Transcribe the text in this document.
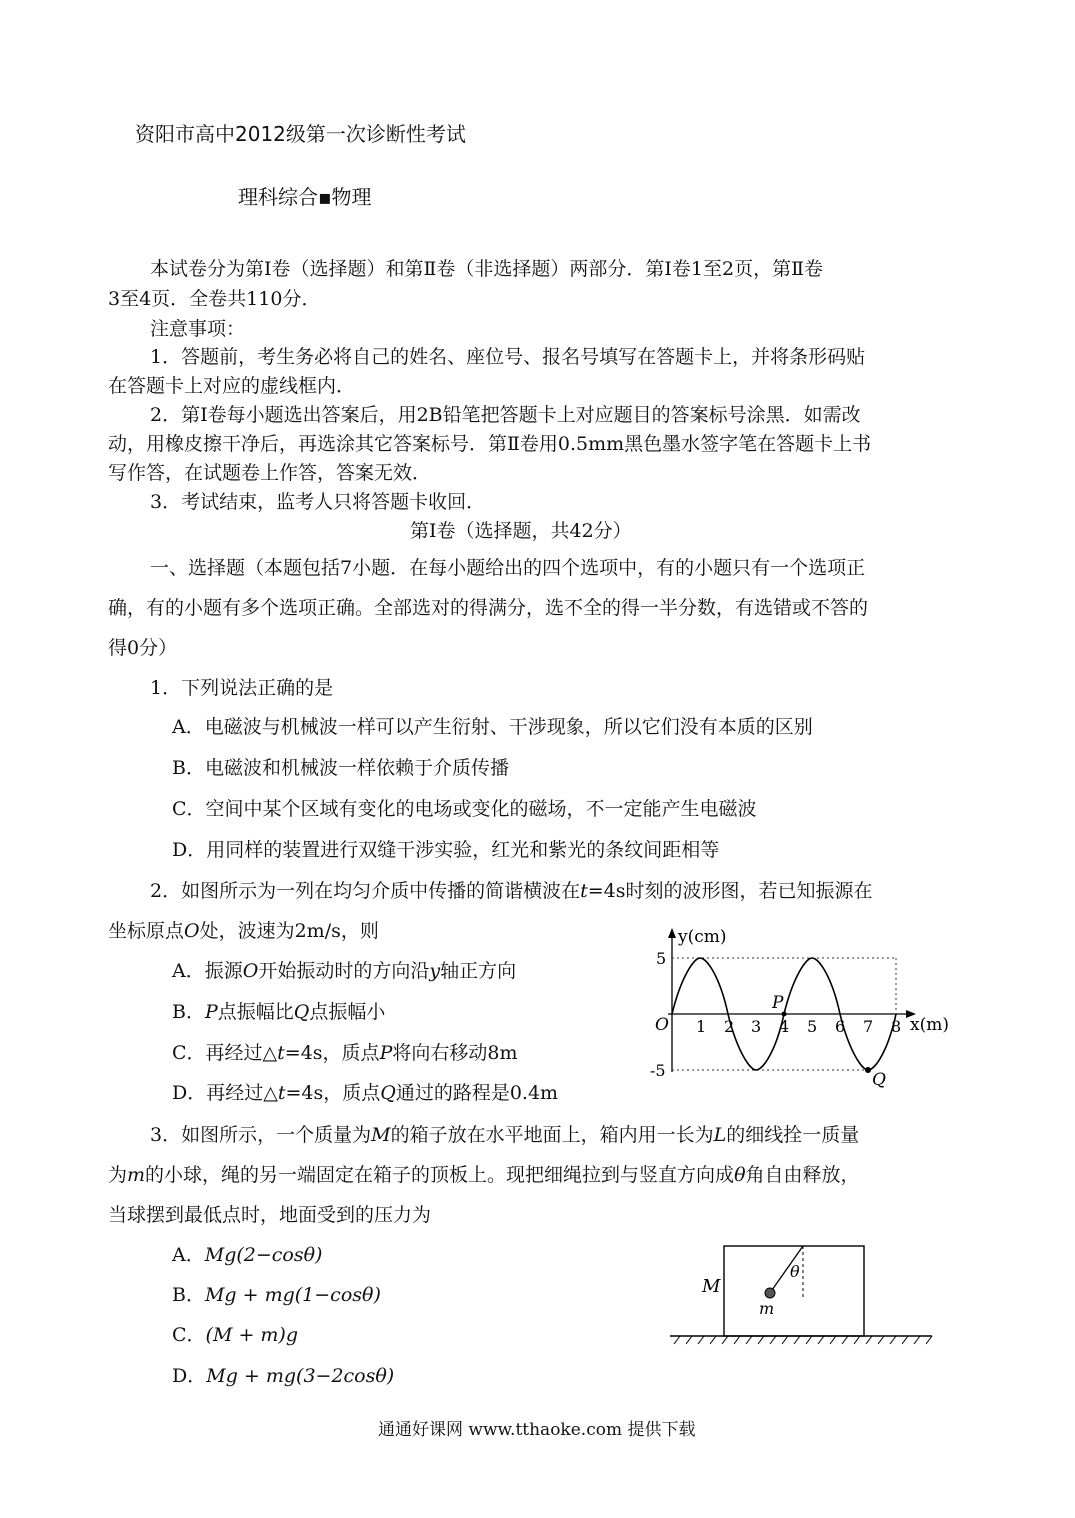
资阳市高中2012级第一次诊断性考试
理科综合▪物理
本试卷分为第Ⅰ卷（选择题）和第Ⅱ卷（非选择题）两部分．第Ⅰ卷1至2页，第Ⅱ卷
3至4页．全卷共110分．
注意事项：
1．答题前，考生务必将自己的姓名、座位号、报名号填写在答题卡上，并将条形码贴
在答题卡上对应的虚线框内．
2．第Ⅰ卷每小题选出答案后，用2B铅笔把答题卡上对应题目的答案标号涂黑．如需改
动，用橡皮擦干净后，再选涂其它答案标号．第Ⅱ卷用0.5mm黑色墨水签字笔在答题卡上书
写作答，在试题卷上作答，答案无效．
3．考试结束，监考人只将答题卡收回．
第Ⅰ卷（选择题，共42分）
一、选择题（本题包括7小题．在每小题给出的四个选项中，有的小题只有一个选项正
确，有的小题有多个选项正确。全部选对的得满分，选不全的得一半分数，有选错或不答的
得0分）
1．下列说法正确的是
A．电磁波与机械波一样可以产生衍射、干涉现象，所以它们没有本质的区别
B．电磁波和机械波一样依赖于介质传播
C．空间中某个区域有变化的电场或变化的磁场，不一定能产生电磁波
D．用同样的装置进行双缝干涉实验，红光和紫光的条纹间距相等
2．如图所示为一列在均匀介质中传播的简谐横波在t=4s时刻的波形图，若已知振源在
坐标原点O处，波速为2m/s，则
A．振源O开始振动时的方向沿y轴正方向
B．P点振幅比Q点振幅小
C．再经过△t=4s，质点P将向右移动8m
D．再经过△t=4s，质点Q通过的路程是0.4m
5
-5
O 1 2 3 4 5 6 7 8
y(cm)
x(m)
P
Q
3．如图所示，一个质量为M的箱子放在水平地面上，箱内用一长为L的细线拴一质量
为m的小球，绳的另一端固定在箱子的顶板上。现把细绳拉到与竖直方向成θ角自由释放，
当球摆到最低点时，地面受到的压力为
A．Mg(2−cosθ)
B．Mg + mg(1−cosθ)
C．(M + m)g
D．Mg + mg(3−2cosθ)
M
m
θ
通通好课网 www.tthaoke.com 提供下载
